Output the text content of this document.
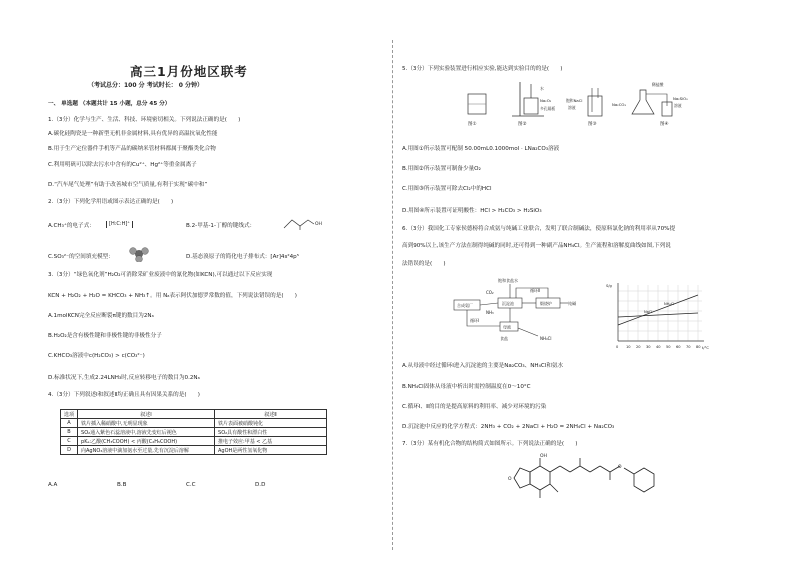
高三1月份地区联考
（考试总分：100 分 考试时长： 0 分钟）
一、 单选题 （本题共计 15 小题，总分 45 分）
1.（3分）化学与生产、生活、科技、环境密切相关。下列说法正确的是(　　)
A.碳化硅陶瓷是一种新型无机非金属材料,具有优异的高温抗氧化性能
B.用于生产定位器件手机等产品的碳纳米管材料都属于聚酯类化合物
C.利用明矾可以除去污水中含有的Cu²⁺、Hg²⁺等重金属离子
D.“汽车尾气处理”有助于改善城市空气质量,有利于实现“碳中和”
2.（3分）下列化学用语或图示表达正确的是(　　)
A.CH₃⁺的电子式：	[H:C:H]⁺	B.2-甲基-1-丁醇的键线式：	OH
C.SO₃²⁻的空间填充模型：	D.基态溴原子的简化电子排布式：[Ar]4s²4p⁵
3.（3分）“绿色氧化剂”H₂O₂可消除采矿业废液中的氰化物(如KCN),可以通过以下反应实现
KCN + H₂O₂ + H₂O = KHCO₃ + NH₃↑。用 Nₐ表示阿伏加德罗常数的值，下列说法错误的是(　　)
A.1molKCN完全反应断裂π键的数目为2Nₐ
B.H₂O₂是含有极性键和非极性键的非极性分子
C.KHCO₃溶液中c(H₂CO₃) > c(CO₃²⁻)
D.标准状况下,生成2.24LNH₃时,反应转移电子的数目为0.2Nₐ
4.（3分）下列叙述Ⅰ和叙述Ⅱ均正确且具有因果关系的是(　　)
选项	叙述Ⅰ	叙述Ⅱ
A	铁片插入稀硝酸中,无明显现象	铁片表面被硝酸钝化
B	SO₂通入紫色石蕊溶液中,溶液先变红后褪色	SO₂具有酸性和漂白性
C	pKₐ:乙酸(CH₃COOH) < 丙酸(C₂H₅COOH)	推电子效应:甲基 < 乙基
D	向AgNO₃溶液中滴加氨水至过量,先有沉淀后溶解	AgOH是两性氢氧化物
A.A	B.B	C.C	D.D
5.（3分）下列实验装置进行相应实验,能达到实验目的的是(　　)
图①
水
Na₂O₂
多孔隔板
图②
饱和NaCl
溶液
图③
稀盐酸
Na₂CO₃
Na₂SiO₃
溶液
图④
A.用图①所示装置可配制 50.00mL0.1000mol · LNa₂CO₃溶液
B.用图②所示装置可制备少量O₂
C.用图③所示装置可除去Cl₂中的HCl
D.用图④所示装置可证明酸性：HCl > H₂CO₃ > H₂SiO₃
6.（3分）我国化工专家侯德榜将合成氨与纯碱工业联合，发明了联合制碱法，使原料氯化钠的利用率从70%提
高到90%以上,该生产方法在制得纯碱的同时,还可得到一种副产品NH₄Cl。生产流程和溶解度曲线如图,下列说
法错误的是(　　)
合成氨厂	沉淀池	煅烧炉
母液
食盐	NH₄Cl
纯碱
饱和食盐水
CO₂
NH₃
循环Ⅱ
循环Ⅰ
S/g
t/°C
NH₄Cl
NaCl
0 10 20 30 40 50 60 70 80
A.从母液中经过循环Ⅰ进入沉淀池的主要是Na₂CO₃、NH₄Cl和氨水
B.NH₄Cl固体从母液中析出时需控制温度在0～10°C
C.循环Ⅰ、Ⅱ的目的是提高原料的利用率、减少对环境的污染
D.沉淀池中反应的化学方程式：2NH₃ + CO₂ + 2NaCl + H₂O = 2NH₄Cl + Na₂CO₃
7.（3分）某有机化合物的结构简式如图所示。下列说法正确的是(　　)
OH
O
O
